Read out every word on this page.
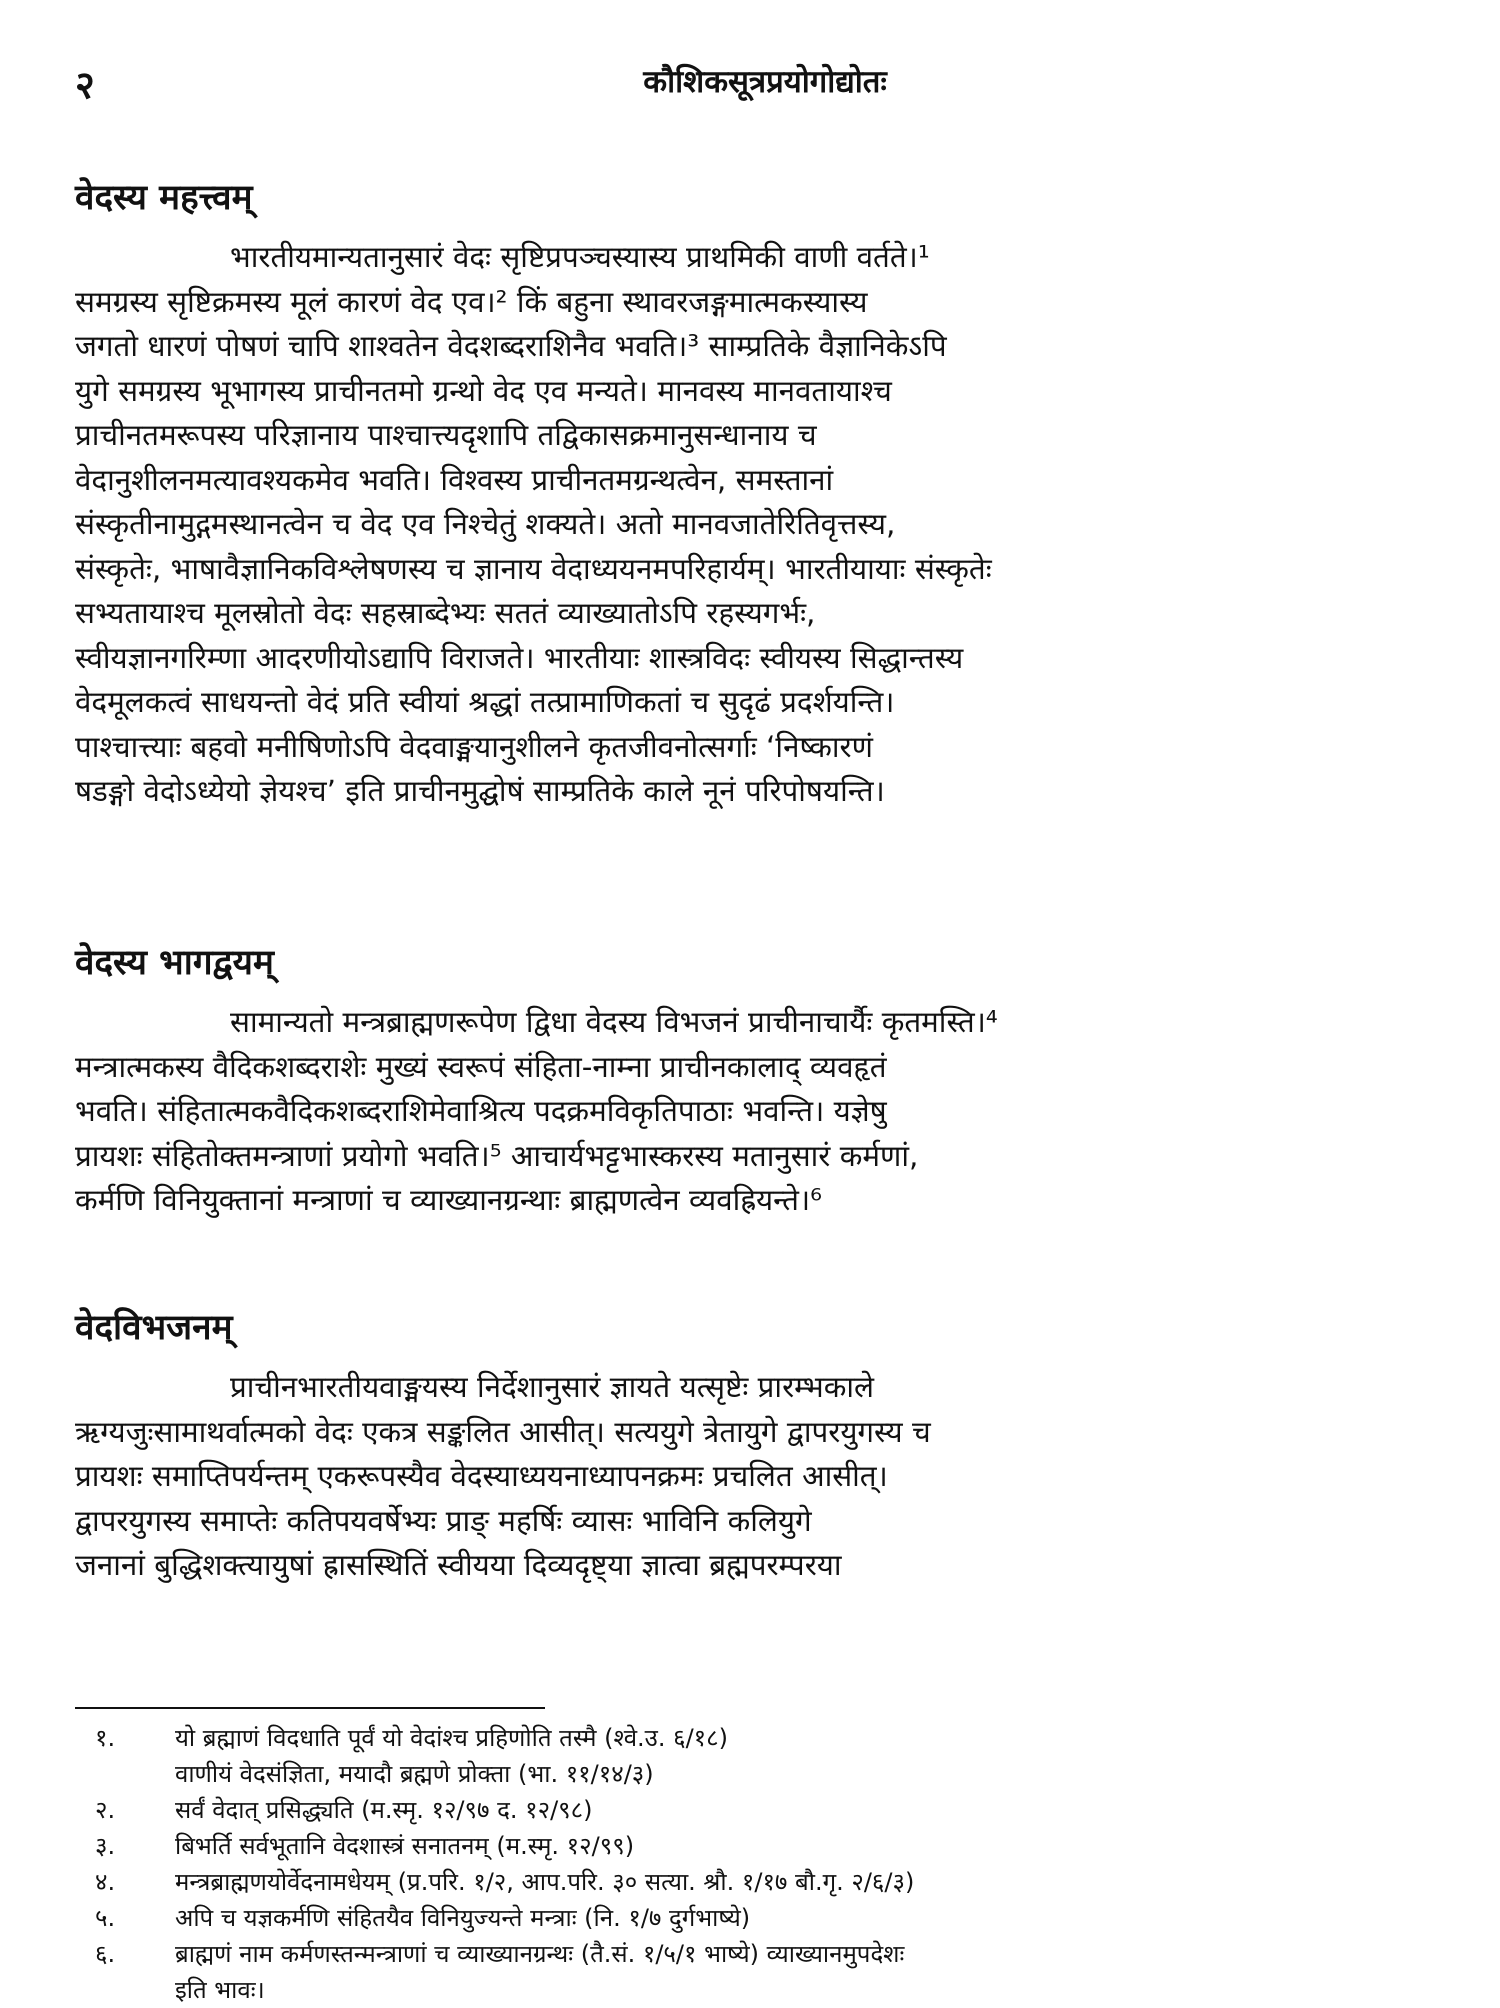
२	कौशिकसूत्रप्रयोगोद्योतः
वेदस्य महत्त्वम्
भारतीयमान्यतानुसारं वेदः सृष्टिप्रपञ्चस्यास्य प्राथमिकी वाणी वर्तते।¹
समग्रस्य सृष्टिक्रमस्य मूलं कारणं वेद एव।² किं बहुना स्थावरजङ्गमात्मकस्यास्य
जगतो धारणं पोषणं चापि शाश्वतेन वेदशब्दराशिनैव भवति।³ साम्प्रतिके वैज्ञानिकेऽपि
युगे समग्रस्य भूभागस्य प्राचीनतमो ग्रन्थो वेद एव मन्यते। मानवस्य मानवतायाश्च
प्राचीनतमरूपस्य परिज्ञानाय पाश्चात्त्यदृशापि तद्विकासक्रमानुसन्धानाय च
वेदानुशीलनमत्यावश्यकमेव भवति। विश्वस्य प्राचीनतमग्रन्थत्वेन, समस्तानां
संस्कृतीनामुद्गमस्थानत्वेन च वेद एव निश्चेतुं शक्यते। अतो मानवजातेरितिवृत्तस्य,
संस्कृतेः, भाषावैज्ञानिकविश्लेषणस्य च ज्ञानाय वेदाध्ययनमपरिहार्यम्। भारतीयायाः संस्कृतेः
सभ्यतायाश्च मूलस्रोतो वेदः सहस्राब्देभ्यः सततं व्याख्यातोऽपि रहस्यगर्भः,
स्वीयज्ञानगरिम्णा आदरणीयोऽद्यापि विराजते। भारतीयाः शास्त्रविदः स्वीयस्य सिद्धान्तस्य
वेदमूलकत्वं साधयन्तो वेदं प्रति स्वीयां श्रद्धां तत्प्रामाणिकतां च सुदृढं प्रदर्शयन्ति।
पाश्चात्त्याः बहवो मनीषिणोऽपि वेदवाङ्मयानुशीलने कृतजीवनोत्सर्गाः ‘निष्कारणं
षडङ्गो वेदोऽध्येयो ज्ञेयश्च’ इति प्राचीनमुद्घोषं साम्प्रतिके काले नूनं परिपोषयन्ति।
वेदस्य भागद्वयम्
सामान्यतो मन्त्रब्राह्मणरूपेण द्विधा वेदस्य विभजनं प्राचीनाचार्यैः कृतमस्ति।⁴
मन्त्रात्मकस्य वैदिकशब्दराशेः मुख्यं स्वरूपं संहिता-नाम्ना प्राचीनकालाद् व्यवहृतं
भवति। संहितात्मकवैदिकशब्दराशिमेवाश्रित्य पदक्रमविकृतिपाठाः भवन्ति। यज्ञेषु
प्रायशः संहितोक्तमन्त्राणां प्रयोगो भवति।⁵ आचार्यभट्टभास्करस्य मतानुसारं कर्मणां,
कर्मणि विनियुक्तानां मन्त्राणां च व्याख्यानग्रन्थाः ब्राह्मणत्वेन व्यवह्रियन्ते।⁶
वेदविभजनम्
प्राचीनभारतीयवाङ्मयस्य निर्देशानुसारं ज्ञायते यत्सृष्टेः प्रारम्भकाले
ऋग्यजुःसामाथर्वात्मको वेदः एकत्र सङ्कलित आसीत्। सत्ययुगे त्रेतायुगे द्वापरयुगस्य च
प्रायशः समाप्तिपर्यन्तम् एकरूपस्यैव वेदस्याध्ययनाध्यापनक्रमः प्रचलित आसीत्।
द्वापरयुगस्य समाप्तेः कतिपयवर्षेभ्यः प्राङ् महर्षिः व्यासः भाविनि कलियुगे
जनानां बुद्धिशक्त्यायुषां ह्रासस्थितिं स्वीयया दिव्यदृष्ट्या ज्ञात्वा ब्रह्मपरम्परया
१. यो ब्रह्माणं विदधाति पूर्वं यो वेदांश्च प्रहिणोति तस्मै (श्वे.उ. ६/१८)
वाणीयं वेदसंज्ञिता, मयादौ ब्रह्मणे प्रोक्ता (भा. ११/१४/३)
२. सर्वं वेदात् प्रसिद्ध्यति (म.स्मृ. १२/९७ द. १२/९८)
३. बिभर्ति सर्वभूतानि वेदशास्त्रं सनातनम् (म.स्मृ. १२/९९)
४. मन्त्रब्राह्मणयोर्वेदनामधेयम् (प्र.परि. १/२, आप.परि. ३० सत्या. श्रौ. १/१७ बौ.गृ. २/६/३)
५. अपि च यज्ञकर्मणि संहितयैव विनियुज्यन्ते मन्त्राः (नि. १/७ दुर्गभाष्ये)
६. ब्राह्मणं नाम कर्मणस्तन्मन्त्राणां च व्याख्यानग्रन्थः (तै.सं. १/५/१ भाष्ये) व्याख्यानमुपदेशः
इति भावः।
